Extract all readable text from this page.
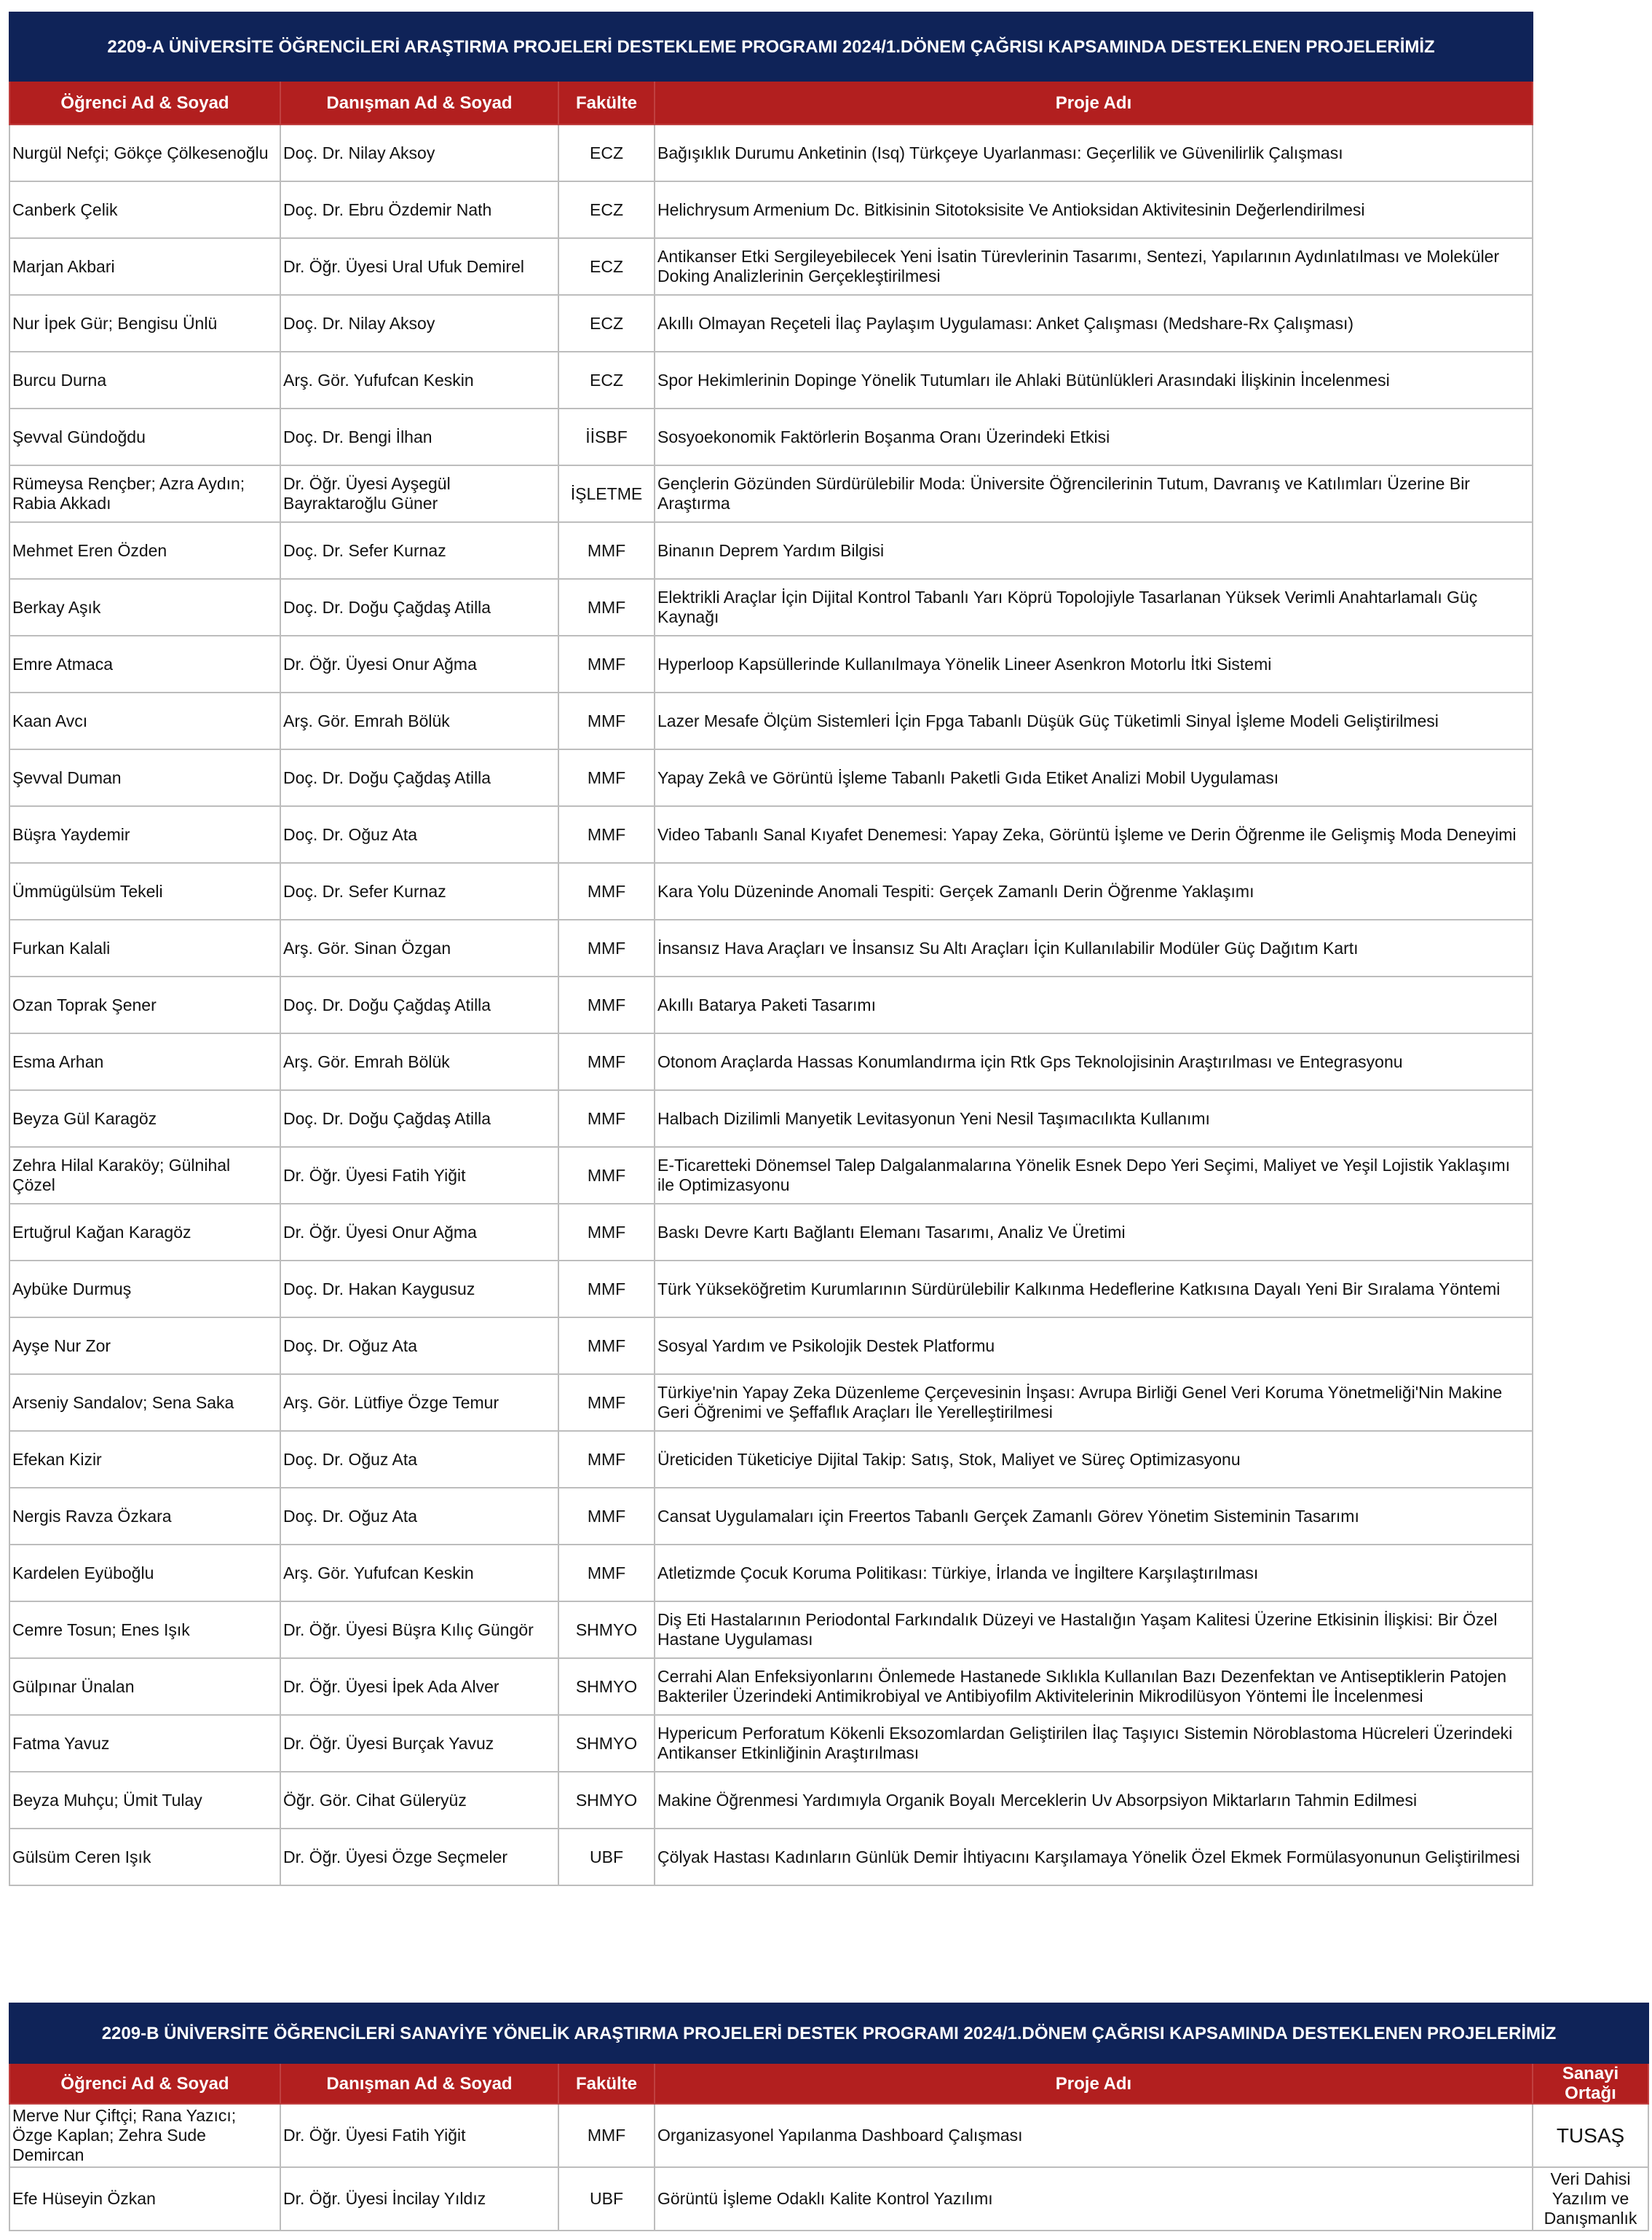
2209-A ÜNİVERSİTE ÖĞRENCİLERİ ARAŞTIRMA PROJELERİ DESTEKLEME PROGRAMI 2024/1.DÖNEM ÇAĞRISI KAPSAMINDA DESTEKLENEN PROJELERİMİZ			
Öğrenci Ad & Soyad	Danışman Ad & Soyad	Fakülte	Proje Adı
Nurgül Nefçi; Gökçe Çölkesenoğlu	Doç. Dr. Nilay Aksoy	ECZ	Bağışıklık Durumu Anketinin (Isq) Türkçeye Uyarlanması: Geçerlilik ve Güvenilirlik Çalışması
Canberk Çelik	Doç. Dr. Ebru Özdemir Nath	ECZ	Helichrysum Armenium Dc. Bitkisinin Sitotoksisite Ve Antioksidan Aktivitesinin Değerlendirilmesi
Marjan Akbari	Dr. Öğr. Üyesi Ural Ufuk Demirel	ECZ	Antikanser Etki Sergileyebilecek Yeni İsatin Türevlerinin Tasarımı, Sentezi, Yapılarının Aydınlatılması ve Moleküler Doking Analizlerinin Gerçekleştirilmesi
Nur İpek Gür; Bengisu Ünlü	Doç. Dr. Nilay Aksoy	ECZ	Akıllı Olmayan Reçeteli İlaç Paylaşım Uygulaması: Anket Çalışması (Medshare-Rx Çalışması)
Burcu Durna	Arş. Gör. Yufufcan Keskin	ECZ	Spor Hekimlerinin Dopinge Yönelik Tutumları ile Ahlaki Bütünlükleri Arasındaki İlişkinin İncelenmesi
Şevval Gündoğdu	Doç. Dr. Bengi İlhan	İİSBF	Sosyoekonomik Faktörlerin Boşanma Oranı Üzerindeki Etkisi
Rümeysa Rençber; Azra Aydın; Rabia Akkadı	Dr. Öğr. Üyesi Ayşegül Bayraktaroğlu Güner	İŞLETME	Gençlerin Gözünden Sürdürülebilir Moda: Üniversite Öğrencilerinin Tutum, Davranış ve Katılımları Üzerine Bir Araştırma
Mehmet Eren Özden	Doç. Dr. Sefer Kurnaz	MMF	Binanın Deprem Yardım Bilgisi
Berkay Aşık	Doç. Dr. Doğu Çağdaş Atilla	MMF	Elektrikli Araçlar İçin Dijital Kontrol Tabanlı Yarı Köprü Topolojiyle Tasarlanan Yüksek Verimli Anahtarlamalı Güç Kaynağı
Emre Atmaca	Dr. Öğr. Üyesi Onur Ağma	MMF	Hyperloop Kapsüllerinde Kullanılmaya Yönelik Lineer Asenkron Motorlu İtki Sistemi
Kaan Avcı	Arş. Gör. Emrah Bölük	MMF	Lazer Mesafe Ölçüm Sistemleri İçin Fpga Tabanlı Düşük Güç Tüketimli Sinyal İşleme Modeli Geliştirilmesi
Şevval Duman	Doç. Dr. Doğu Çağdaş Atilla	MMF	Yapay Zekâ ve Görüntü İşleme Tabanlı Paketli Gıda Etiket Analizi Mobil Uygulaması
Büşra Yaydemir	Doç. Dr. Oğuz Ata	MMF	Video Tabanlı Sanal Kıyafet Denemesi: Yapay Zeka, Görüntü İşleme ve Derin Öğrenme ile Gelişmiş Moda Deneyimi
Ümmügülsüm Tekeli	Doç. Dr. Sefer Kurnaz	MMF	Kara Yolu Düzeninde Anomali Tespiti: Gerçek Zamanlı Derin Öğrenme Yaklaşımı
Furkan Kalali	Arş. Gör. Sinan Özgan	MMF	İnsansız Hava Araçları ve İnsansız Su Altı Araçları İçin Kullanılabilir Modüler Güç Dağıtım Kartı
Ozan Toprak Şener	Doç. Dr. Doğu Çağdaş Atilla	MMF	Akıllı Batarya Paketi Tasarımı
Esma Arhan	Arş. Gör. Emrah Bölük	MMF	Otonom Araçlarda Hassas Konumlandırma için Rtk Gps Teknolojisinin Araştırılması ve Entegrasyonu
Beyza Gül Karagöz	Doç. Dr. Doğu Çağdaş Atilla	MMF	Halbach Dizilimli Manyetik Levitasyonun Yeni Nesil Taşımacılıkta Kullanımı
Zehra Hilal Karaköy; Gülnihal Çözel	Dr. Öğr. Üyesi Fatih Yiğit	MMF	E-Ticaretteki Dönemsel Talep Dalgalanmalarına Yönelik Esnek Depo Yeri Seçimi, Maliyet ve Yeşil Lojistik Yaklaşımı ile Optimizasyonu
Ertuğrul Kağan Karagöz	Dr. Öğr. Üyesi Onur Ağma	MMF	Baskı Devre Kartı Bağlantı Elemanı Tasarımı, Analiz Ve Üretimi
Aybüke Durmuş	Doç. Dr. Hakan Kaygusuz	MMF	Türk Yükseköğretim Kurumlarının Sürdürülebilir Kalkınma Hedeflerine Katkısına Dayalı Yeni Bir Sıralama Yöntemi
Ayşe Nur Zor	Doç. Dr. Oğuz Ata	MMF	Sosyal Yardım ve Psikolojik Destek Platformu
Arseniy Sandalov; Sena Saka	Arş. Gör. Lütfiye Özge Temur	MMF	Türkiye'nin Yapay Zeka Düzenleme Çerçevesinin İnşası: Avrupa Birliği Genel Veri Koruma Yönetmeliği'Nin Makine Geri Öğrenimi ve Şeffaflık Araçları İle Yerelleştirilmesi
Efekan Kizir	Doç. Dr. Oğuz Ata	MMF	Üreticiden Tüketiciye Dijital Takip: Satış, Stok, Maliyet ve Süreç Optimizasyonu
Nergis Ravza Özkara	Doç. Dr. Oğuz Ata	MMF	Cansat Uygulamaları için Freertos Tabanlı Gerçek Zamanlı Görev Yönetim Sisteminin Tasarımı
Kardelen Eyüboğlu	Arş. Gör. Yufufcan Keskin	MMF	Atletizmde Çocuk Koruma Politikası: Türkiye, İrlanda ve İngiltere Karşılaştırılması
Cemre Tosun; Enes Işık	Dr. Öğr. Üyesi Büşra Kılıç Güngör	SHMYO	Diş Eti Hastalarının Periodontal Farkındalık Düzeyi ve Hastalığın Yaşam Kalitesi Üzerine Etkisinin İlişkisi: Bir Özel Hastane Uygulaması
Gülpınar Ünalan	Dr. Öğr. Üyesi İpek Ada Alver	SHMYO	Cerrahi Alan Enfeksiyonlarını Önlemede Hastanede Sıklıkla Kullanılan Bazı Dezenfektan ve Antiseptiklerin Patojen Bakteriler Üzerindeki Antimikrobiyal ve Antibiyofilm Aktivitelerinin Mikrodilüsyon Yöntemi İle İncelenmesi
Fatma Yavuz	Dr. Öğr. Üyesi Burçak Yavuz	SHMYO	Hypericum Perforatum Kökenli Eksozomlardan Geliştirilen İlaç Taşıyıcı Sistemin Nöroblastoma Hücreleri Üzerindeki Antikanser Etkinliğinin Araştırılması
Beyza Muhçu; Ümit Tulay	Öğr. Gör. Cihat Güleryüz	SHMYO	Makine Öğrenmesi Yardımıyla Organik Boyalı Merceklerin Uv Absorpsiyon Miktarların Tahmin Edilmesi
Gülsüm Ceren Işık	Dr. Öğr. Üyesi Özge Seçmeler	UBF	Çölyak Hastası Kadınların Günlük Demir İhtiyacını Karşılamaya Yönelik Özel Ekmek Formülasyonunun Geliştirilmesi
2209-B ÜNİVERSİTE ÖĞRENCİLERİ SANAYİYE YÖNELİK ARAŞTIRMA PROJELERİ DESTEK PROGRAMI 2024/1.DÖNEM ÇAĞRISI KAPSAMINDA DESTEKLENEN PROJELERİMİZ				
Öğrenci Ad & Soyad	Danışman Ad & Soyad	Fakülte	Proje Adı	Sanayi Ortağı
Merve Nur Çiftçi; Rana Yazıcı; Özge Kaplan; Zehra Sude Demircan	Dr. Öğr. Üyesi Fatih Yiğit	MMF	Organizasyonel Yapılanma Dashboard Çalışması	TUSAŞ
Efe Hüseyin Özkan	Dr. Öğr. Üyesi İncilay Yıldız	UBF	Görüntü İşleme Odaklı Kalite Kontrol Yazılımı	Veri Dahisi Yazılım ve Danışmanlık
